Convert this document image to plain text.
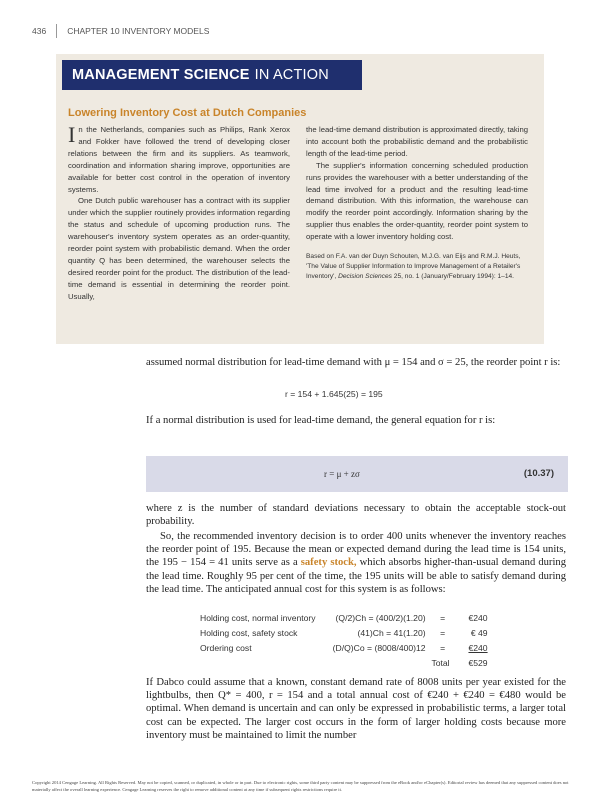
436 CHAPTER 10 INVENTORY MODELS
MANAGEMENT SCIENCE IN ACTION
Lowering Inventory Cost at Dutch Companies

In the Netherlands, companies such as Philips, Rank Xerox and Fokker have followed the trend of developing closer relations between the firm and its suppliers. As teamwork, coordination and information sharing improve, opportunities are available for better cost control in the operation of inventory systems.

One Dutch public warehouser has a contract with its supplier under which the supplier routinely provides information regarding the status and schedule of upcoming production runs. The warehouser's inventory system operates as an order-quantity, reorder point system with probabilistic demand. When the order quantity Q has been determined, the warehouser selects the desired reorder point for the product. The distribution of the lead-time demand is essential in determining the reorder point. Usually,

the lead-time demand distribution is approximated directly, taking into account both the probabilistic demand and the probabilistic length of the lead-time period.

The supplier's information concerning scheduled production runs provides the warehouser with a better understanding of the lead time involved for a product and the resulting lead-time demand distribution. With this information, the warehouse can modify the reorder point accordingly. Information sharing by the supplier thus enables the order-quantity, reorder point system to operate with a lower inventory holding cost.

Based on F.A. van der Duyn Schouten, M.J.G. van Eijs and R.M.J. Heuts, 'The Value of Supplier Information to Improve Management of a Retailer's Inventory', Decision Sciences 25, no. 1 (January/February 1994): 1–14.

assumed normal distribution for lead-time demand with μ = 154 and σ = 25, the reorder point r is:

r = 154 + 1.645(25) = 195

If a normal distribution is used for lead-time demand, the general equation for r is:

r = μ + zσ	(10.37)

where z is the number of standard deviations necessary to obtain the acceptable stock-out probability.

So, the recommended inventory decision is to order 400 units whenever the inventory reaches the reorder point of 195. Because the mean or expected demand during the lead time is 154 units, the 195 − 154 = 41 units serve as a safety stock, which absorbs higher-than-usual demand during the lead time. Roughly 95 per cent of the time, the 195 units will be able to satisfy demand during the lead time. The anticipated annual cost for this system is as follows:

Holding cost, normal inventory	(Q/2)Ch = (400/2)(1.20)	=	€240
Holding cost, safety stock	(41)Ch = 41(1.20)	=	€ 49
Ordering cost	(D/Q)Co = (8008/400)12	=	€240
		Total	€529

If Dabco could assume that a known, constant demand rate of 8008 units per year existed for the lightbulbs, then Q* = 400, r = 154 and a total annual cost of €240 + €240 = €480 would be optimal. When demand is uncertain and can only be expressed in probabilistic terms, a larger total cost can be expected. The larger cost occurs in the form of larger holding costs because more inventory must be maintained to limit the number

Copyright 2014 Cengage Learning. All Rights Reserved. May not be copied, scanned, or duplicated, in whole or in part. Due to electronic rights, some third party content may be suppressed from the eBook and/or eChapter(s). Editorial review has deemed that any suppressed content does not materially affect the overall learning experience. Cengage Learning reserves the right to remove additional content at any time if subsequent rights restrictions require it.
